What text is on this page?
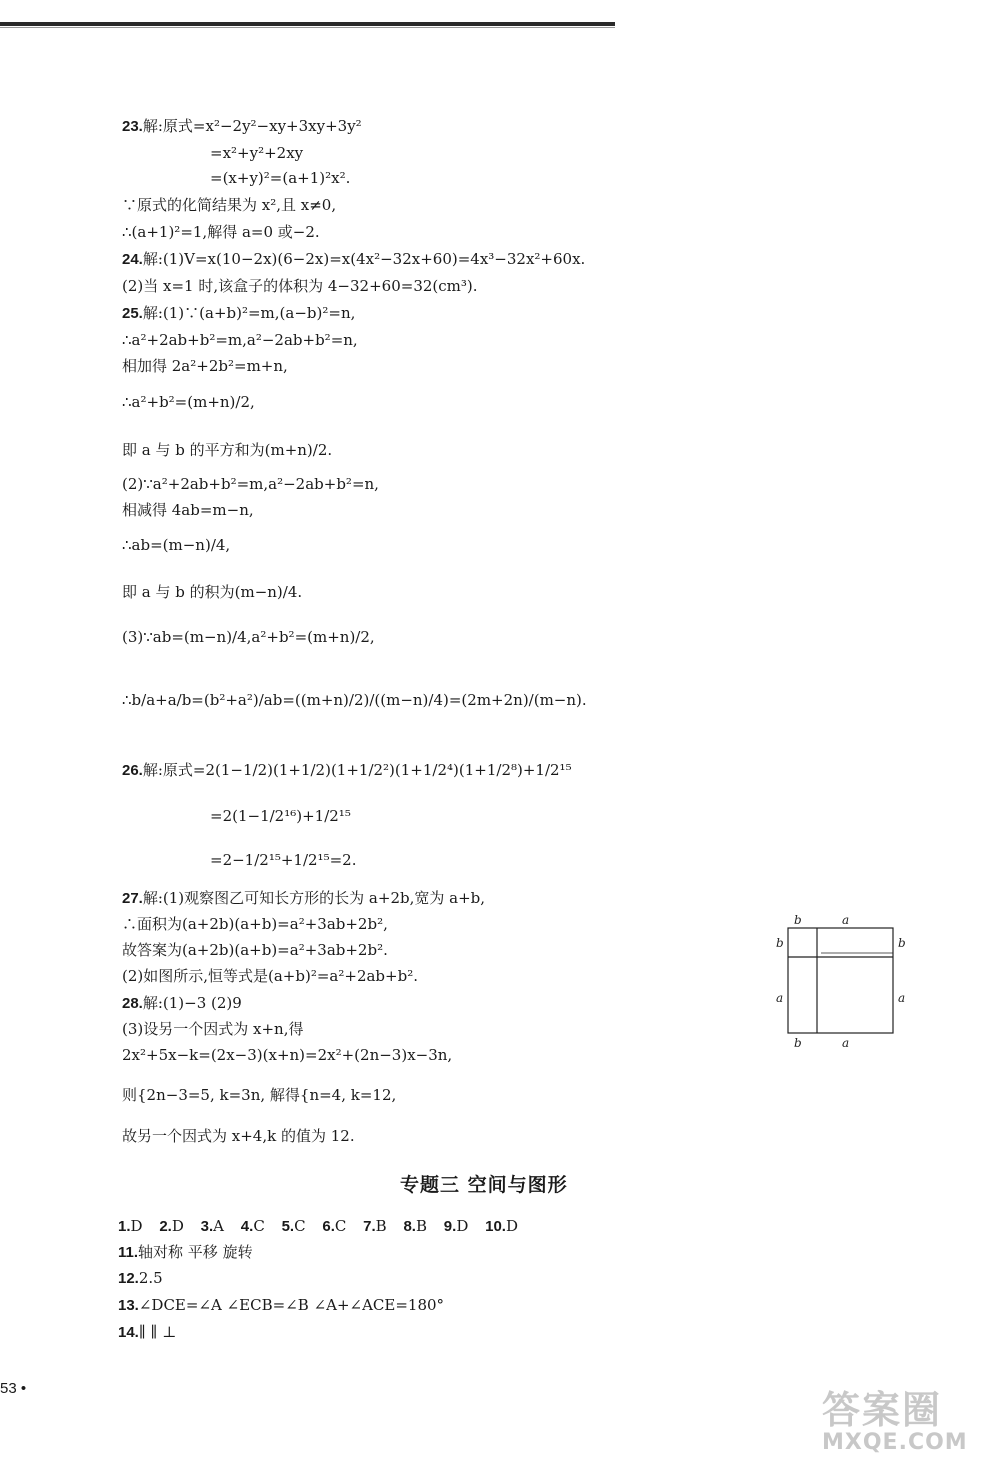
23.解:原式=x²−2y²−xy+3xy+3y²
=x²+y²+2xy
=(x+y)²=(a+1)²x².
∵原式的化简结果为 x²,且 x≠0,
∴(a+1)²=1,解得 a=0 或−2.
24.解:(1)V=x(10−2x)(6−2x)=x(4x²−32x+60)=4x³−32x²+60x.
(2)当 x=1 时,该盒子的体积为 4−32+60=32(cm³).
25.解:(1)∵(a+b)²=m,(a−b)²=n,
∴a²+2ab+b²=m,a²−2ab+b²=n,
相加得 2a²+2b²=m+n,
∴a²+b²=(m+n)/2,
即 a 与 b 的平方和为(m+n)/2.
(2)∵a²+2ab+b²=m,a²−2ab+b²=n,
相减得 4ab=m−n,
∴ab=(m−n)/4,
即 a 与 b 的积为(m−n)/4.
(3)∵ab=(m−n)/4,a²+b²=(m+n)/2,
∴b/a+a/b=(b²+a²)/ab=((m+n)/2)/((m−n)/4)=(2m+2n)/(m−n).
26.解:原式=2(1−1/2)(1+1/2)(1+1/2²)(1+1/2⁴)(1+1/2⁸)+1/2¹⁵
=2(1−1/2¹⁶)+1/2¹⁵
=2−1/2¹⁵+1/2¹⁵=2.
27.解:(1)观察图乙可知长方形的长为 a+2b,宽为 a+b,
∴面积为(a+2b)(a+b)=a²+3ab+2b²,
故答案为(a+2b)(a+b)=a²+3ab+2b².
(2)如图所示,恒等式是(a+b)²=a²+2ab+b².
28.解:(1)−3 (2)9
(3)设另一个因式为 x+n,得
2x²+5x−k=(2x−3)(x+n)=2x²+(2n−3)x−3n,
则{2n−3=5, k=3n, 解得{n=4, k=12,
故另一个因式为 x+4,k 的值为 12.
b	a
b
a
b
a
b	a
专题三 空间与图形
1.D 2.D 3.A 4.C 5.C 6.C 7.B 8.B 9.D 10.D
11.轴对称 平移 旋转
12.2.5
13.∠DCE=∠A ∠ECB=∠B ∠A+∠ACE=180°
14.∥ ∥ ⊥
53 •	答案圈
MXQE.COM
